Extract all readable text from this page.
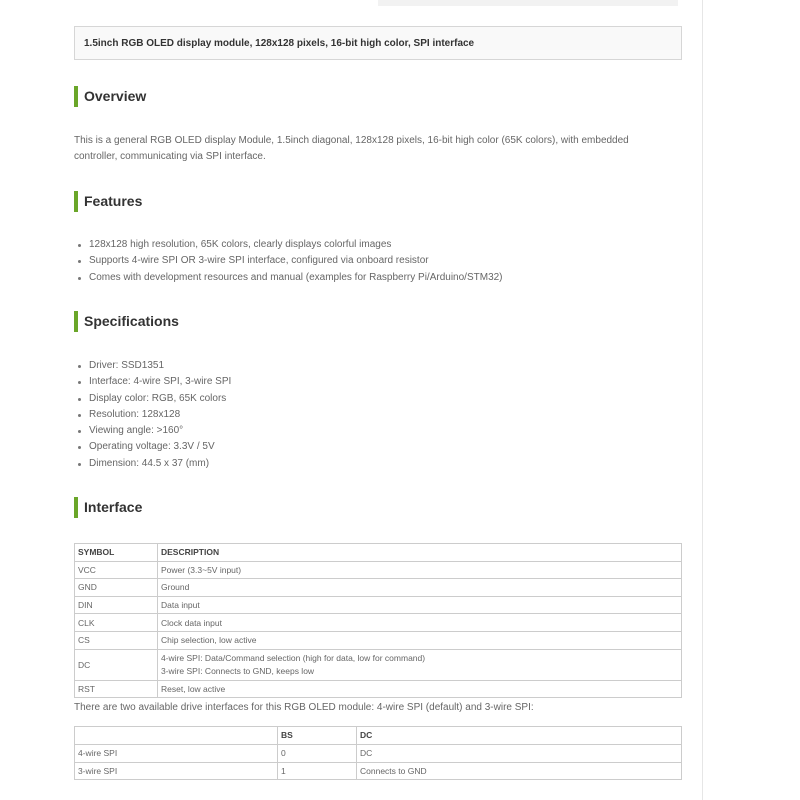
1.5inch RGB OLED display module, 128x128 pixels, 16-bit high color, SPI interface
Overview
This is a general RGB OLED display Module, 1.5inch diagonal, 128x128 pixels, 16-bit high color (65K colors), with embedded
controller, communicating via SPI interface.
Features
128x128 high resolution, 65K colors, clearly displays colorful images
Supports 4-wire SPI OR 3-wire SPI interface, configured via onboard resistor
Comes with development resources and manual (examples for Raspberry Pi/Arduino/STM32)
Specifications
Driver: SSD1351
Interface: 4-wire SPI, 3-wire SPI
Display color: RGB, 65K colors
Resolution: 128x128
Viewing angle: >160°
Operating voltage: 3.3V / 5V
Dimension: 44.5 x 37 (mm)
Interface
SYMBOL	DESCRIPTION
VCC	Power (3.3~5V input)
GND	Ground
DIN	Data input
CLK	Clock data input
CS	Chip selection, low active
DC	4-wire SPI: Data/Command selection (high for data, low for command)
3-wire SPI: Connects to GND, keeps low

RST	Reset, low active
There are two available drive interfaces for this RGB OLED module: 4-wire SPI (default) and 3-wire SPI:
	BS	DC
4-wire SPI	0	DC
3-wire SPI	1	Connects to GND
